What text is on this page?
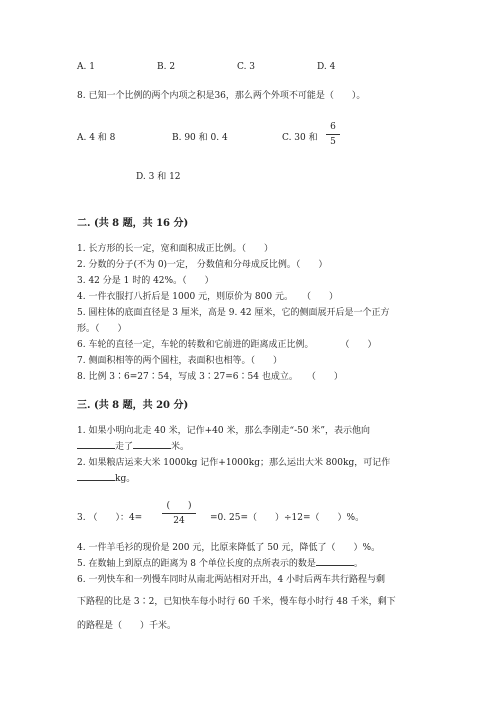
A. 1	B. 2	C. 3	D. 4
8. 已知一个比例的两个内项之积是36，那么两个外项不可能是（　　）。
A. 4 和 8	B. 90 和 0. 4	C. 30 和
6
5
D. 3 和 12
二. (共 8 题，共 16 分)
1. 长方形的长一定，宽和面积成正比例。（　　）
2. 分数的分子(不为 0)一定， 分数值和分母成反比例。（　　）
3. 42 分是 1 时的 42%。（　　）
4. 一件衣服打八折后是 1000 元，则原价为 800 元。　　（　　）
5. 圆柱体的底面直径是 3 厘米，高是 9. 42 厘米，它的侧面展开后是一个正方
形。（　　）
6. 车轮的直径一定，车轮的转数和它前进的距离成正比例。　　　　（　　）
7. 侧面积相等的两个圆柱，表面积也相等。（　　）
8. 比例 3∶6=27∶54，写成 3∶27=6∶54 也成立。　　（　　）
三. (共 8 题，共 20 分)
1. 如果小明向北走 40 米，记作+40 米，那么李刚走“-50 米”，表示他向
走了	米。
2. 如果粮店运来大米 1000kg 记作+1000kg；那么运出大米 800kg，可记作
kg。
3. （　　）：4=
(　　)
24	=0. 25=（　　）÷12=（　　）%。
4. 一件羊毛衫的现价是 200 元，比原来降低了 50 元，降低了（　　）%。
5. 在数轴上到原点的距离为 8 个单位长度的点所表示的数是	。
6. 一列快车和一列慢车同时从南北两站相对开出，4 小时后两车共行路程与剩
下路程的比是 3∶2，已知快车每小时行 60 千米，慢车每小时行 48 千米，剩下
的路程是（　　）千米。
